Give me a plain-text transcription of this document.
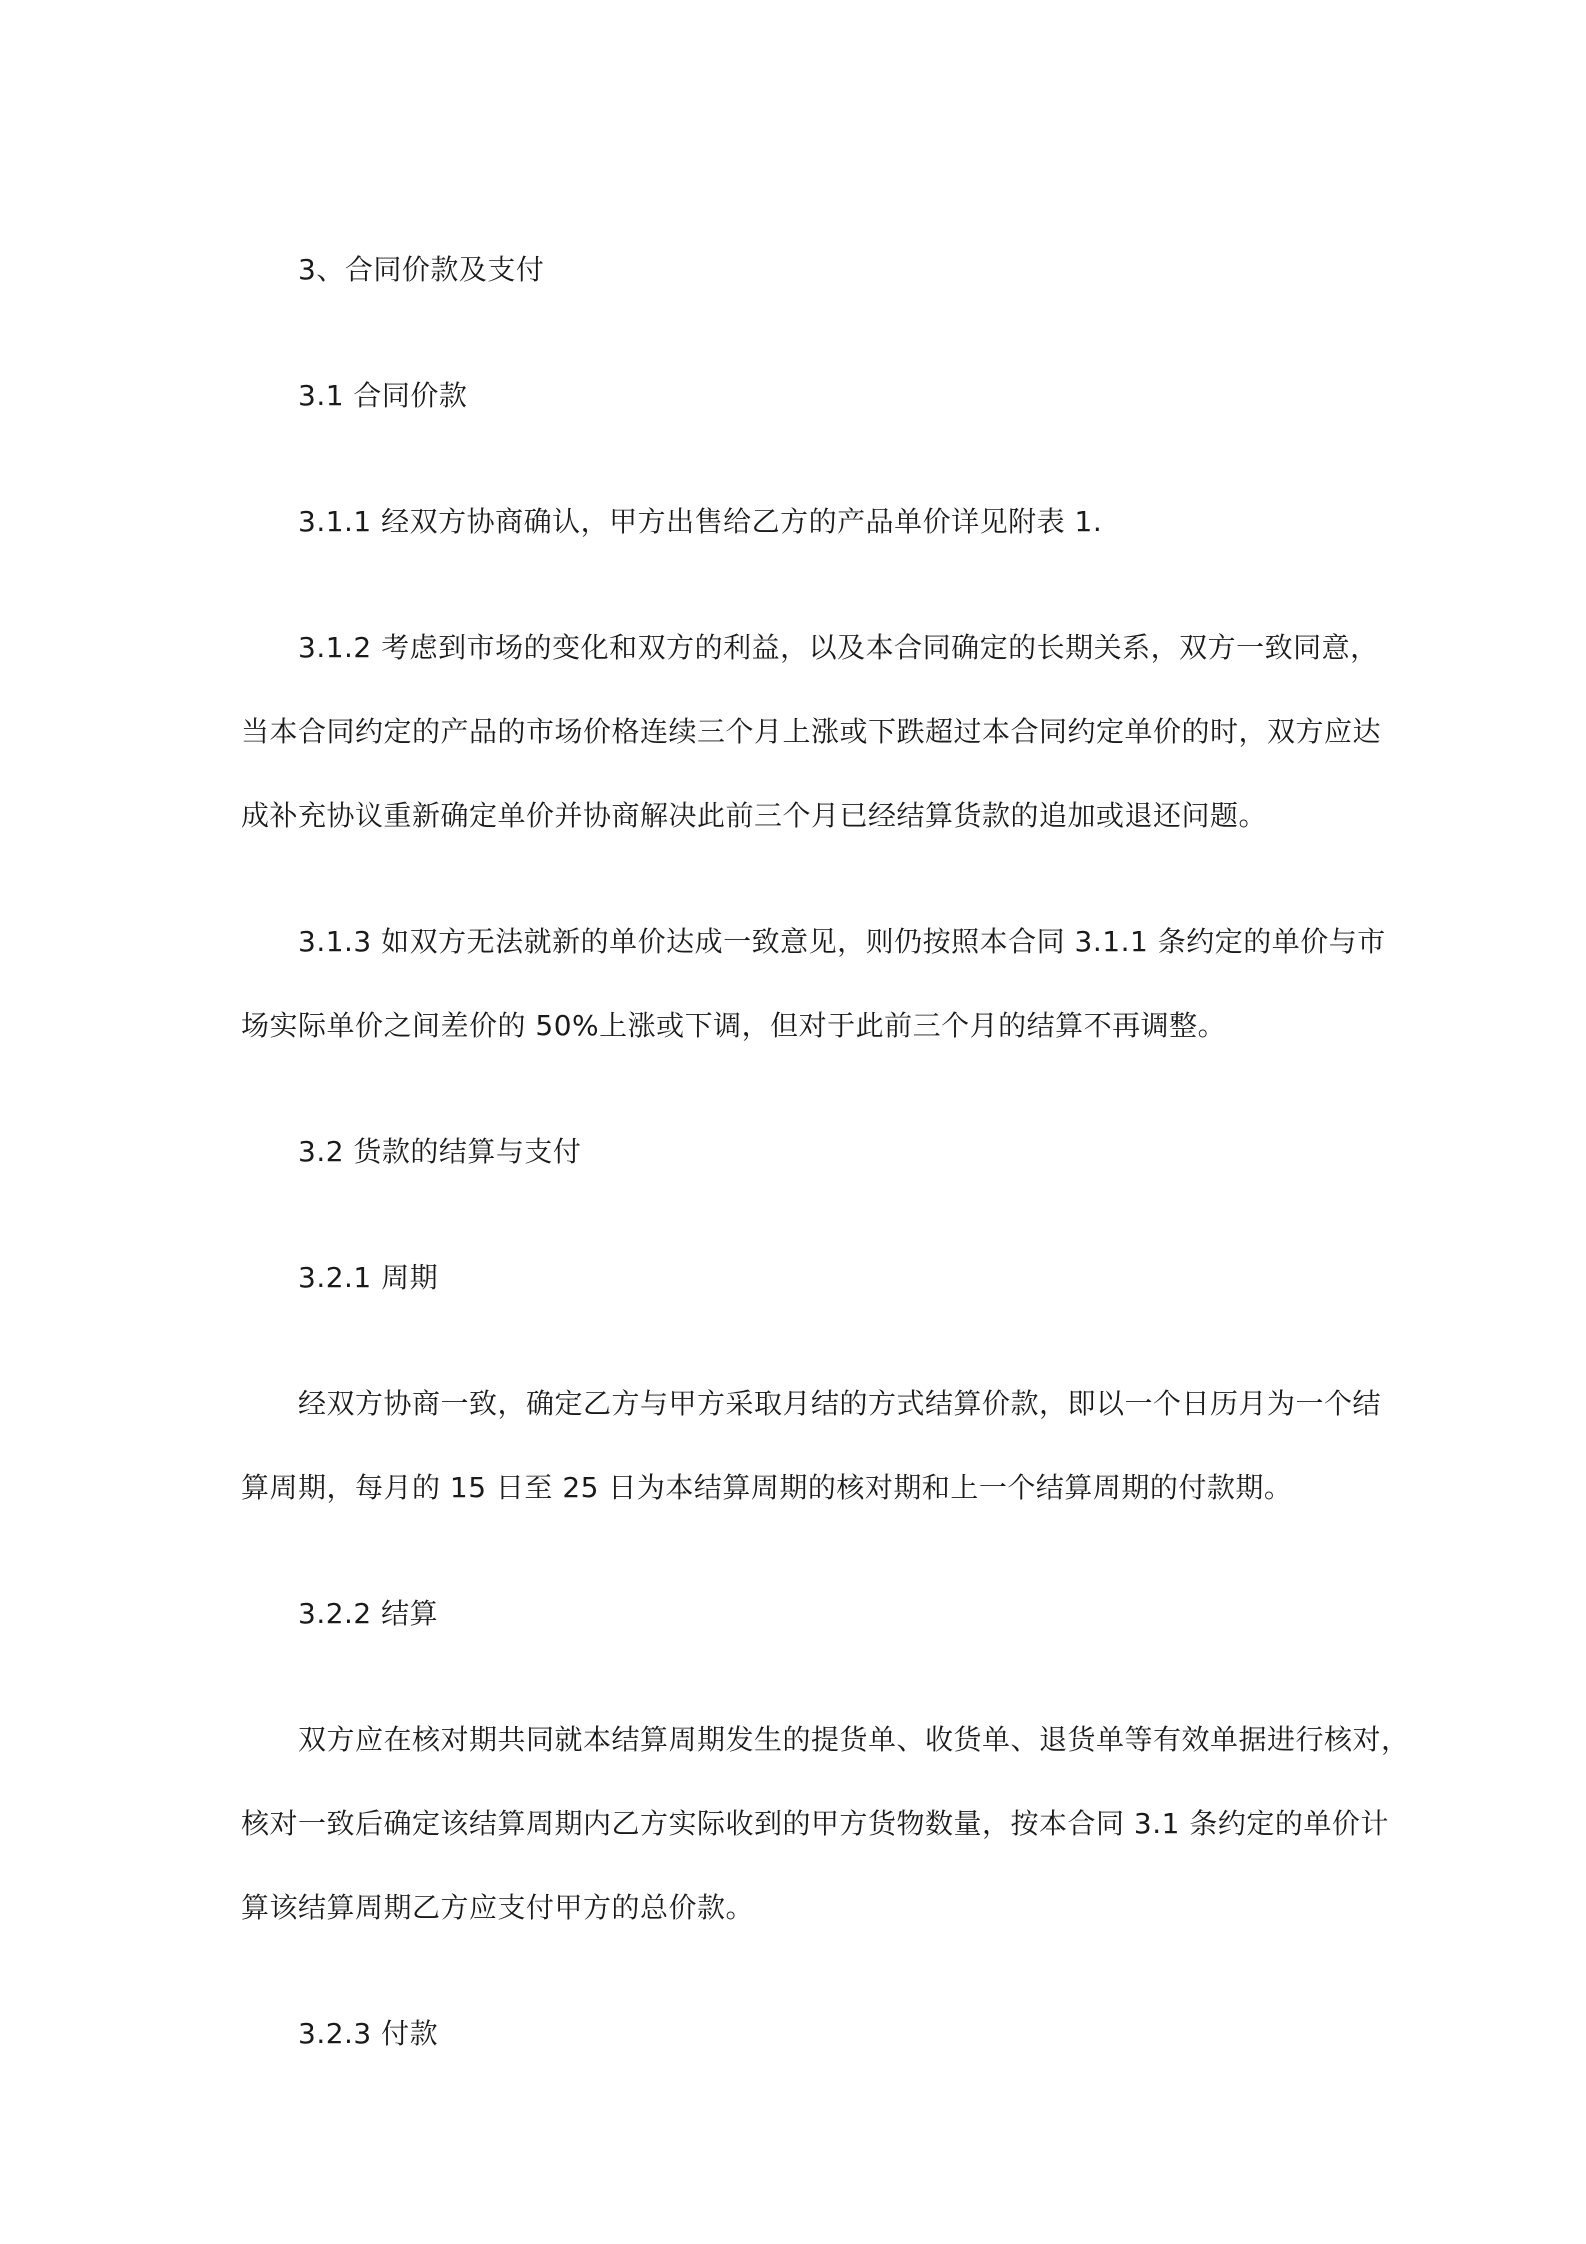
3、合同价款及支付
3.1 合同价款
3.1.1 经双方协商确认，甲方出售给乙方的产品单价详见附表 1.
3.1.2 考虑到市场的变化和双方的利益，以及本合同确定的长期关系，双方一致同意，
当本合同约定的产品的市场价格连续三个月上涨或下跌超过本合同约定单价的时，双方应达
成补充协议重新确定单价并协商解决此前三个月已经结算货款的追加或退还问题。
3.1.3 如双方无法就新的单价达成一致意见，则仍按照本合同 3.1.1 条约定的单价与市
场实际单价之间差价的 50%上涨或下调，但对于此前三个月的结算不再调整。
3.2 货款的结算与支付
3.2.1 周期
经双方协商一致，确定乙方与甲方采取月结的方式结算价款，即以一个日历月为一个结
算周期，每月的 15 日至 25 日为本结算周期的核对期和上一个结算周期的付款期。
3.2.2 结算
双方应在核对期共同就本结算周期发生的提货单、收货单、退货单等有效单据进行核对，
核对一致后确定该结算周期内乙方实际收到的甲方货物数量，按本合同 3.1 条约定的单价计
算该结算周期乙方应支付甲方的总价款。
3.2.3 付款
